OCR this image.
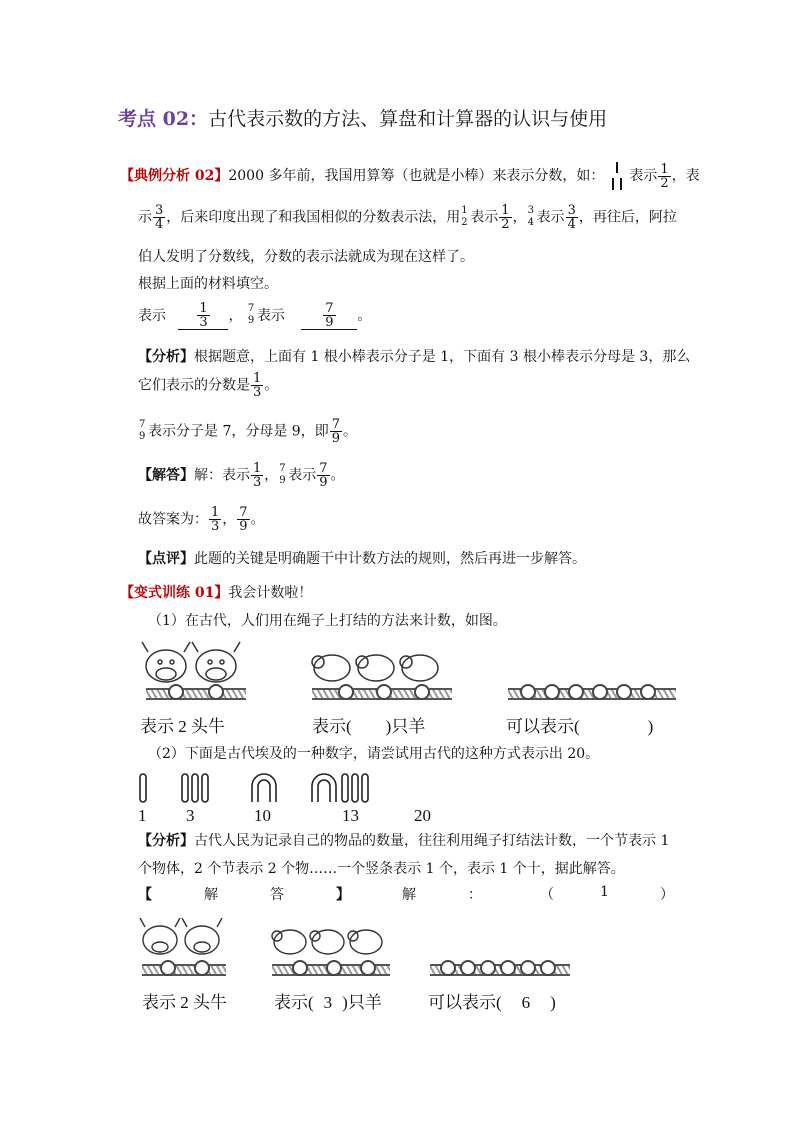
考点 02：古代表示数的方法、算盘和计算器的认识与使用
【典例分析 02】2000 多年前，我国用算筹（也就是小棒）来表示分数，如： 表示 $\frac{1}{2}$ ，表
示 $\frac{3}{4}$ ，后来印度出现了和我国相似的分数表示法，用 1
2 表示 $\frac{1}{2}$ ， 3
4 表示 $\frac{3}{4}$ ，再往后，阿拉
伯人发明了分数线，分数的表示法就成为现在这样了。
根据上面的材料填空。
表示 $\frac{1}{3}$ ， 7
9 表示	$\frac{7}{9}$ 。
【分析】根据题意，上面有 1 根小棒表示分子是 1，下面有 3 根小棒表示分母是 3，那么
它们表示的分数是 $\frac{1}{3}$ 。
7
9 表示分子是 7，分母是 9，即 $\frac{7}{9}$ 。
【解答】解：表示 $\frac{1}{3}$ ， 7
9 表示 $\frac{7}{9}$ 。
故答案为： $\frac{1}{3}$ ， $\frac{7}{9}$ 。
【点评】此题的关键是明确题干中计数方法的规则，然后再进一步解答。
【变式训练 01】我会计数啦！
（1）在古代，人们用在绳子上打结的方法来计数，如图。
表示 2 头牛	表示(　　)只羊	可以表示(　　　　)
（2）下面是古代埃及的一种数字，请尝试用古代的这种方式表示出 20。
1 3	10	13	20
【分析】古代人民为记录自己的物品的数量，往往利用绳子打结法计数，一个节表示 1
个物体，2 个节表示 2 个物……一个竖条表示 1 个，表示 1 个十，据此解答。
【	解	答	】	解	：	（	1	）
表示 2 头牛	表示( 3 )只羊	可以表示( 6 )
